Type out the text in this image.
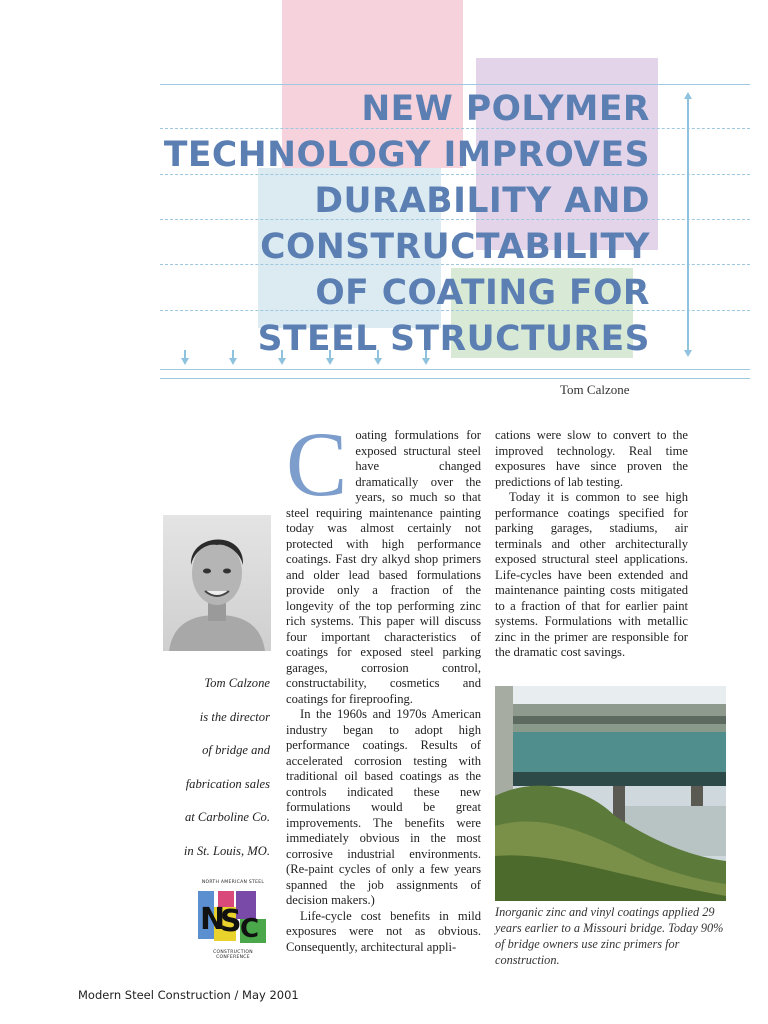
NEW POLYMER
TECHNOLOGY IMPROVES
DURABILITY AND
CONSTRUCTABILITY
OF COATING FOR
STEEL STRUCTURES
Tom Calzone
Tom Calzone
is the director
of bridge and
fabrication sales
at Carboline Co.
in St. Louis, MO.
NORTH AMERICAN STEEL
N
S
C
CONSTRUCTION CONFERENCE

Coating formulations for exposed structural steel have changed dramatically over the years, so much so that steel requiring maintenance painting today was almost certainly not protected with high performance coatings. Fast dry alkyd shop primers and older lead based formulations provide only a fraction of the longevity of the top performing zinc rich systems. This paper will discuss four important characteristics of coatings for exposed steel parking garages, corrosion control, constructability, cosmetics and coatings for fireproofing.

In the 1960s and 1970s American industry began to adopt high performance coatings. Results of accelerated corrosion testing with traditional oil based coatings as the controls indicated these new formulations would be great improvements. The benefits were immediately obvious in the most corrosive industrial environments. (Re-paint cycles of only a few years spanned the job assignments of decision makers.)

Life-cycle cost benefits in mild exposures were not as obvious. Consequently, architectural appli-

cations were slow to convert to the improved technology. Real time exposures have since proven the predictions of lab testing.

Today it is common to see high performance coatings specified for parking garages, stadiums, air terminals and other architecturally exposed structural steel applications. Life-cycles have been extended and maintenance painting costs mitigated to a fraction of that for earlier paint systems. Formulations with metallic zinc in the primer are responsible for the dramatic cost savings.

Inorganic zinc and vinyl coatings applied 29 years earlier to a Missouri bridge. Today 90% of bridge owners use zinc primers for construction.
Modern Steel Construction / May 2001
